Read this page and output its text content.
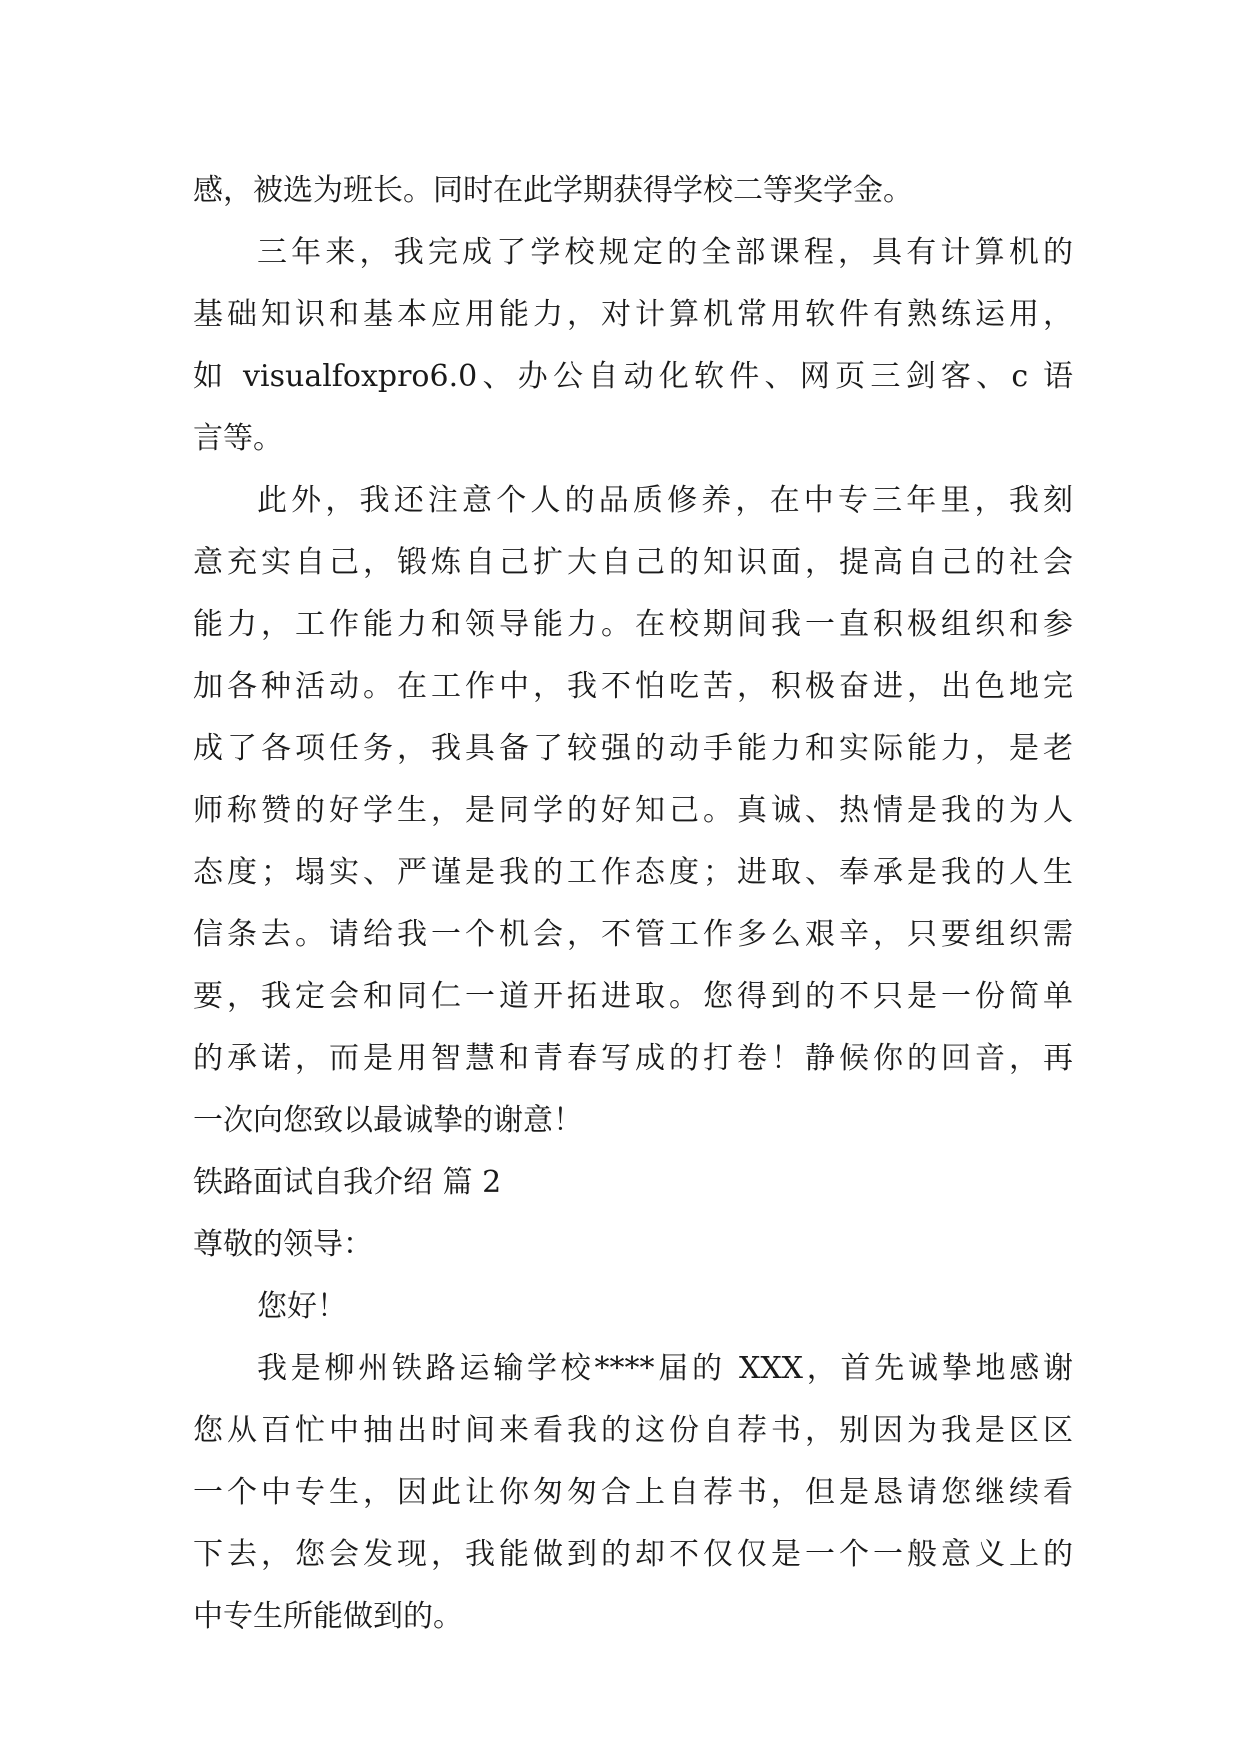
感，被选为班长。同时在此学期获得学校二等奖学金。
三年来，我完成了学校规定的全部课程，具有计算机的
基础知识和基本应用能力，对计算机常用软件有熟练运用，
如 visualfoxpro6.0、办公自动化软件、网页三剑客、c 语
言等。
此外，我还注意个人的品质修养，在中专三年里，我刻
意充实自己，锻炼自己扩大自己的知识面，提高自己的社会
能力，工作能力和领导能力。在校期间我一直积极组织和参
加各种活动。在工作中，我不怕吃苦，积极奋进，出色地完
成了各项任务，我具备了较强的动手能力和实际能力，是老
师称赞的好学生，是同学的好知己。真诚、热情是我的为人
态度；塌实、严谨是我的工作态度；进取、奉承是我的人生
信条去。请给我一个机会，不管工作多么艰辛，只要组织需
要，我定会和同仁一道开拓进取。您得到的不只是一份简单
的承诺，而是用智慧和青春写成的打卷！静候你的回音，再
一次向您致以最诚挚的谢意！
铁路面试自我介绍 篇 2
尊敬的领导：
您好！
我是柳州铁路运输学校****届的 XXX，首先诚挚地感谢
您从百忙中抽出时间来看我的这份自荐书，别因为我是区区
一个中专生，因此让你匆匆合上自荐书，但是恳请您继续看
下去，您会发现，我能做到的却不仅仅是一个一般意义上的
中专生所能做到的。
